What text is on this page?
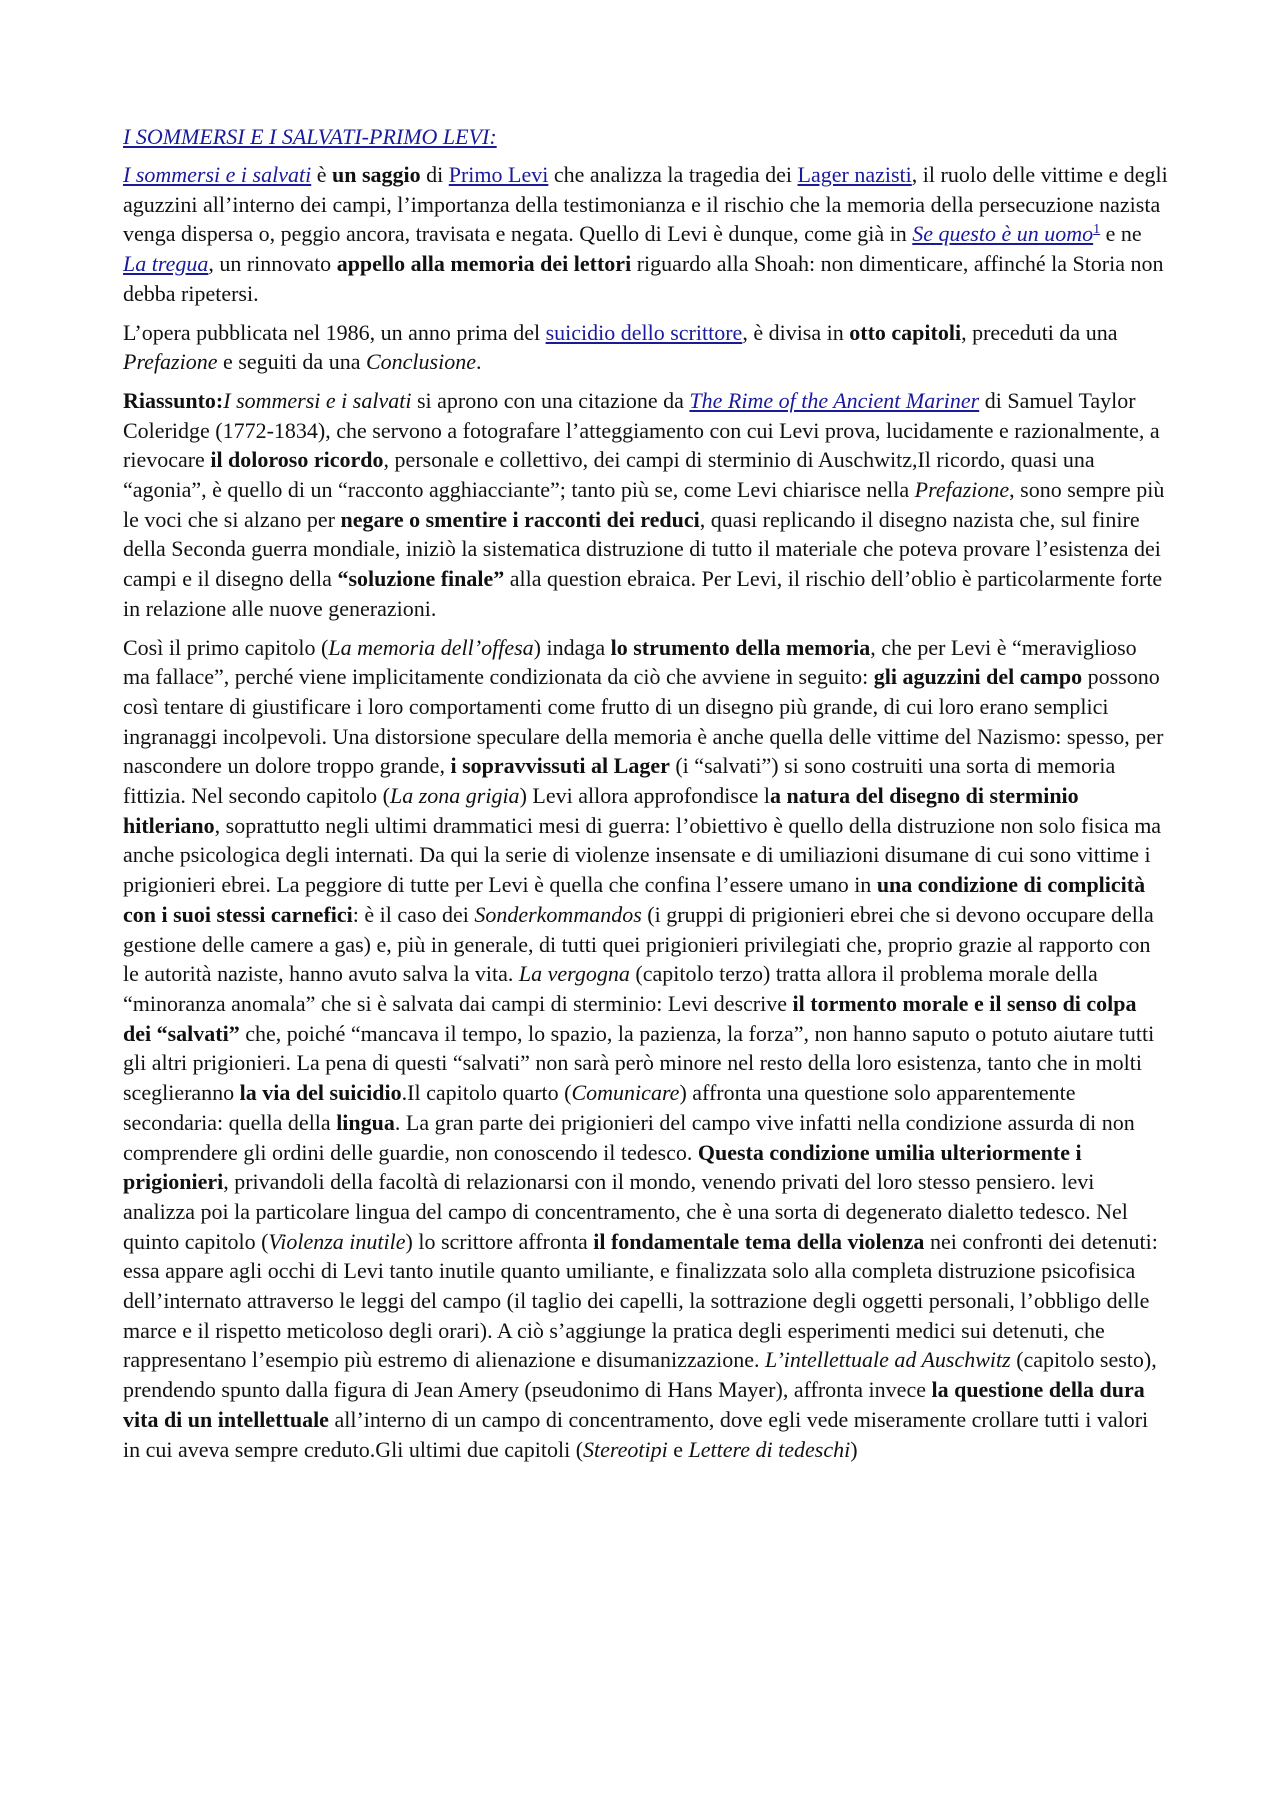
I SOMMERSI E I SALVATI-PRIMO LEVI:

I sommersi e i salvati è un saggio di Primo Levi che analizza la tragedia dei Lager nazisti, il ruolo delle vittime e degli aguzzini all’interno dei campi, l’importanza della testimonianza e il rischio che la memoria della persecuzione nazista venga dispersa o, peggio ancora, travisata e negata. Quello di Levi è dunque, come già in Se questo è un uomo$^1$ e ne La tregua, un rinnovato appello alla memoria dei lettori riguardo alla Shoah: non dimenticare, affinché la Storia non debba ripetersi.

L’opera pubblicata nel 1986, un anno prima del suicidio dello scrittore, è divisa in otto capitoli, preceduti da una Prefazione e seguiti da una Conclusione.

Riassunto:I sommersi e i salvati si aprono con una citazione da The Rime of the Ancient Mariner di Samuel Taylor Coleridge (1772-1834), che servono a fotografare l’atteggiamento con cui Levi prova, lucidamente e razionalmente, a rievocare il doloroso ricordo, personale e collettivo, dei campi di sterminio di Auschwitz,Il ricordo, quasi una “agonia”, è quello di un “racconto agghiacciante”; tanto più se, come Levi chiarisce nella Prefazione, sono sempre più le voci che si alzano per negare o smentire i racconti dei reduci, quasi replicando il disegno nazista che, sul finire della Seconda guerra mondiale, iniziò la sistematica distruzione di tutto il materiale che poteva provare l’esistenza dei campi e il disegno della “soluzione finale” alla question ebraica. Per Levi, il rischio dell’oblio è particolarmente forte in relazione alle nuove generazioni.

Così il primo capitolo (La memoria dell’offesa) indaga lo strumento della memoria, che per Levi è “meraviglioso ma fallace”, perché viene implicitamente condizionata da ciò che avviene in seguito: gli aguzzini del campo possono così tentare di giustificare i loro comportamenti come frutto di un disegno più grande, di cui loro erano semplici ingranaggi incolpevoli. Una distorsione speculare della memoria è anche quella delle vittime del Nazismo: spesso, per nascondere un dolore troppo grande, i sopravvissuti al Lager (i “salvati”) si sono costruiti una sorta di memoria fittizia. Nel secondo capitolo (La zona grigia) Levi allora approfondisce la natura del disegno di sterminio hitleriano, soprattutto negli ultimi drammatici mesi di guerra: l’obiettivo è quello della distruzione non solo fisica ma anche psicologica degli internati. Da qui la serie di violenze insensate e di umiliazioni disumane di cui sono vittime i prigionieri ebrei. La peggiore di tutte per Levi è quella che confina l’essere umano in una condizione di complicità con i suoi stessi carnefici: è il caso dei Sonderkommandos (i gruppi di prigionieri ebrei che si devono occupare della gestione delle camere a gas) e, più in generale, di tutti quei prigionieri privilegiati che, proprio grazie al rapporto con le autorità naziste, hanno avuto salva la vita. La vergogna (capitolo terzo) tratta allora il problema morale della “minoranza anomala” che si è salvata dai campi di sterminio: Levi descrive il tormento morale e il senso di colpa dei “salvati” che, poiché “mancava il tempo, lo spazio, la pazienza, la forza”, non hanno saputo o potuto aiutare tutti gli altri prigionieri. La pena di questi “salvati” non sarà però minore nel resto della loro esistenza, tanto che in molti sceglieranno la via del suicidio.Il capitolo quarto (Comunicare) affronta una questione solo apparentemente secondaria: quella della lingua. La gran parte dei prigionieri del campo vive infatti nella condizione assurda di non comprendere gli ordini delle guardie, non conoscendo il tedesco. Questa condizione umilia ulteriormente i prigionieri, privandoli della facoltà di relazionarsi con il mondo, venendo privati del loro stesso pensiero. levi analizza poi la particolare lingua del campo di concentramento, che è una sorta di degenerato dialetto tedesco. Nel quinto capitolo (Violenza inutile) lo scrittore affronta il fondamentale tema della violenza nei confronti dei detenuti: essa appare agli occhi di Levi tanto inutile quanto umiliante, e finalizzata solo alla completa distruzione psicofisica dell’internato attraverso le leggi del campo (il taglio dei capelli, la sottrazione degli oggetti personali, l’obbligo delle marce e il rispetto meticoloso degli orari). A ciò s’aggiunge la pratica degli esperimenti medici sui detenuti, che rappresentano l’esempio più estremo di alienazione e disumanizzazione. L’intellettuale ad Auschwitz (capitolo sesto), prendendo spunto dalla figura di Jean Amery (pseudonimo di Hans Mayer), affronta invece la questione della dura vita di un intellettuale all’interno di un campo di concentramento, dove egli vede miseramente crollare tutti i valori in cui aveva sempre creduto.Gli ultimi due capitoli (Stereotipi e Lettere di tedeschi)
